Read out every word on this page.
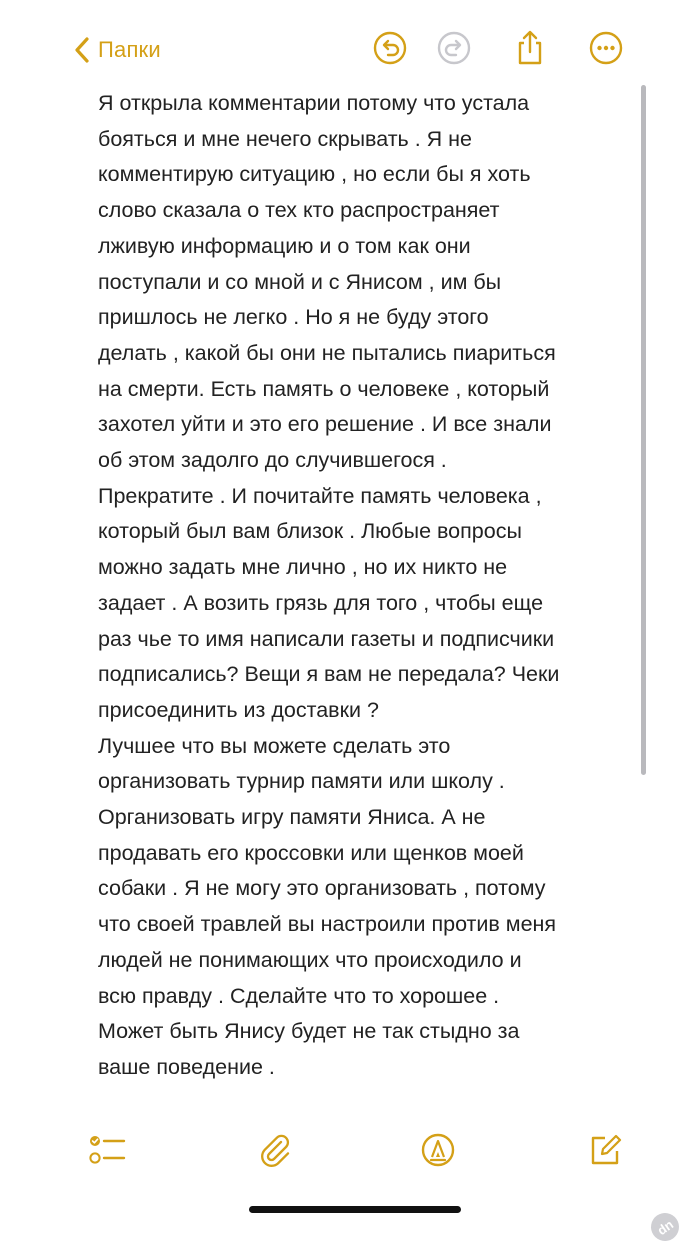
Папки
Я открыла комментарии потому что устала
бояться и мне нечего скрывать . Я не
комментирую ситуацию , но если бы я хоть
слово сказала о тех кто распространяет
лживую информацию и о том как они
поступали и со мной и с Янисом , им бы
пришлось не легко . Но я не буду этого
делать , какой бы они не пытались пиариться
на смерти. Есть память о человеке , который
захотел уйти и это его решение . И все знали
об этом задолго до случившегося .
Прекратите . И почитайте память человека ,
который был вам близок . Любые вопросы
можно задать мне лично , но их никто не
задает . А возить грязь для того , чтобы еще
раз чье то имя написали газеты и подписчики
подписались? Вещи я вам не передала? Чеки
присоединить из доставки ?
Лучшее что вы можете сделать это
организовать турнир памяти или школу .
Организовать игру памяти Яниса. А не
продавать его кроссовки или щенков моей
собаки . Я не могу это организовать , потому
что своей травлей вы настроили против меня
людей не понимающих что происходило и
всю правду . Сделайте что то хорошее .
Может быть Янису будет не так стыдно за
ваше поведение .
dn
